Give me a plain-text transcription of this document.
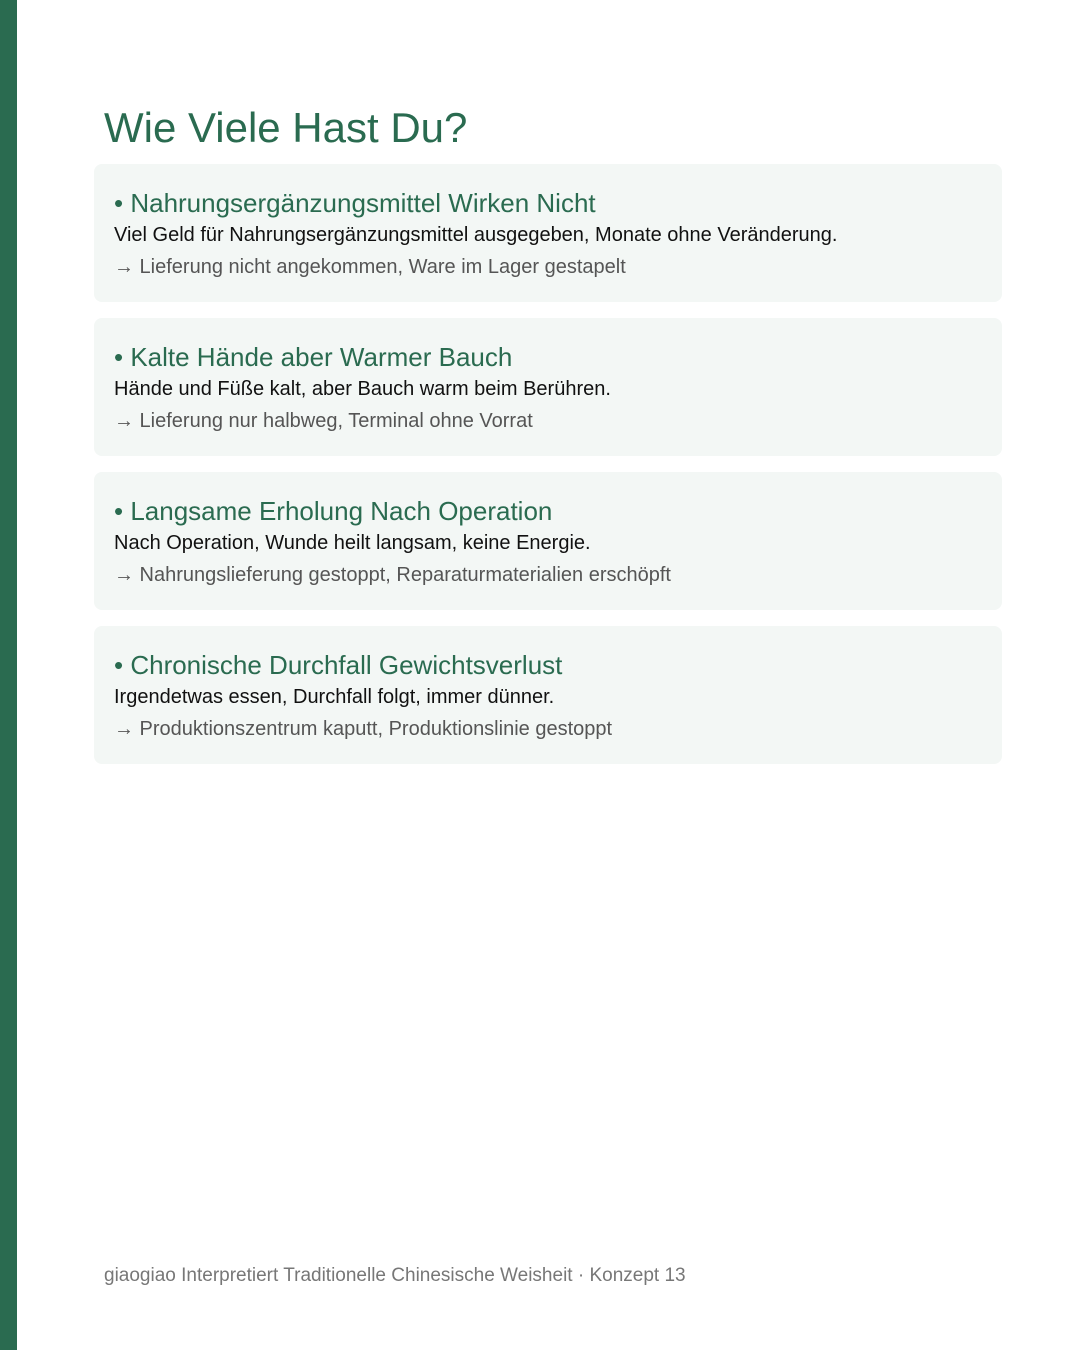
Wie Viele Hast Du?
• Nahrungsergänzungsmittel Wirken Nicht
Viel Geld für Nahrungsergänzungsmittel ausgegeben, Monate ohne Veränderung.
→ Lieferung nicht angekommen, Ware im Lager gestapelt
• Kalte Hände aber Warmer Bauch
Hände und Füße kalt, aber Bauch warm beim Berühren.
→ Lieferung nur halbweg, Terminal ohne Vorrat
• Langsame Erholung Nach Operation
Nach Operation, Wunde heilt langsam, keine Energie.
→ Nahrungslieferung gestoppt, Reparaturmaterialien erschöpft
• Chronische Durchfall Gewichtsverlust
Irgendetwas essen, Durchfall folgt, immer dünner.
→ Produktionszentrum kaputt, Produktionslinie gestoppt
giaogiao Interpretiert Traditionelle Chinesische Weisheit · Konzept 13
